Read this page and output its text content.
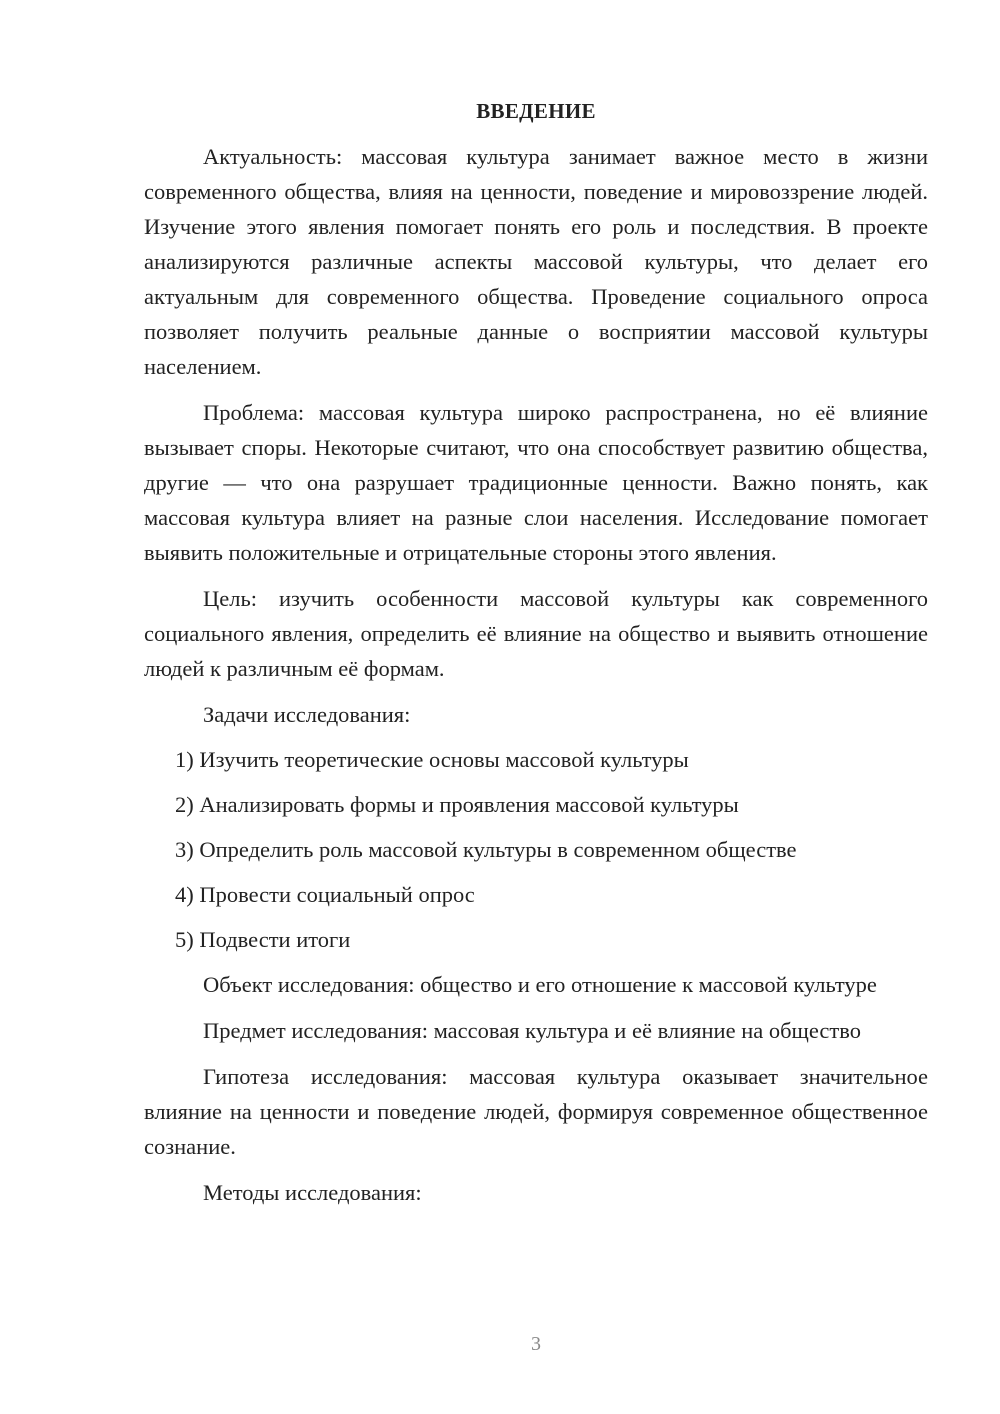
ВВЕДЕНИЕ

Актуальность: массовая культура занимает важное место в жизни современного общества, влияя на ценности, поведение и мировоззрение людей. Изучение этого явления помогает понять его роль и последствия. В проекте анализируются различные аспекты массовой культуры, что делает его актуальным для современного общества. Проведение социального опроса позволяет получить реальные данные о восприятии массовой культуры населением.

Проблема: массовая культура широко распространена, но её влияние вызывает споры. Некоторые считают, что она способствует развитию общества, другие — что она разрушает традиционные ценности. Важно понять, как массовая культура влияет на разные слои населения. Исследование помогает выявить положительные и отрицательные стороны этого явления.

Цель: изучить особенности массовой культуры как современного социального явления, определить её влияние на общество и выявить отношение людей к различным её формам.

Задачи исследования:
1) Изучить теоретические основы массовой культуры
2) Анализировать формы и проявления массовой культуры
3) Определить роль массовой культуры в современном обществе
4) Провести социальный опрос
5) Подвести итоги

Объект исследования: общество и его отношение к массовой культуре

Предмет исследования: массовая культура и её влияние на общество

Гипотеза исследования: массовая культура оказывает значительное влияние на ценности и поведение людей, формируя современное общественное сознание.

Методы исследования:
3
